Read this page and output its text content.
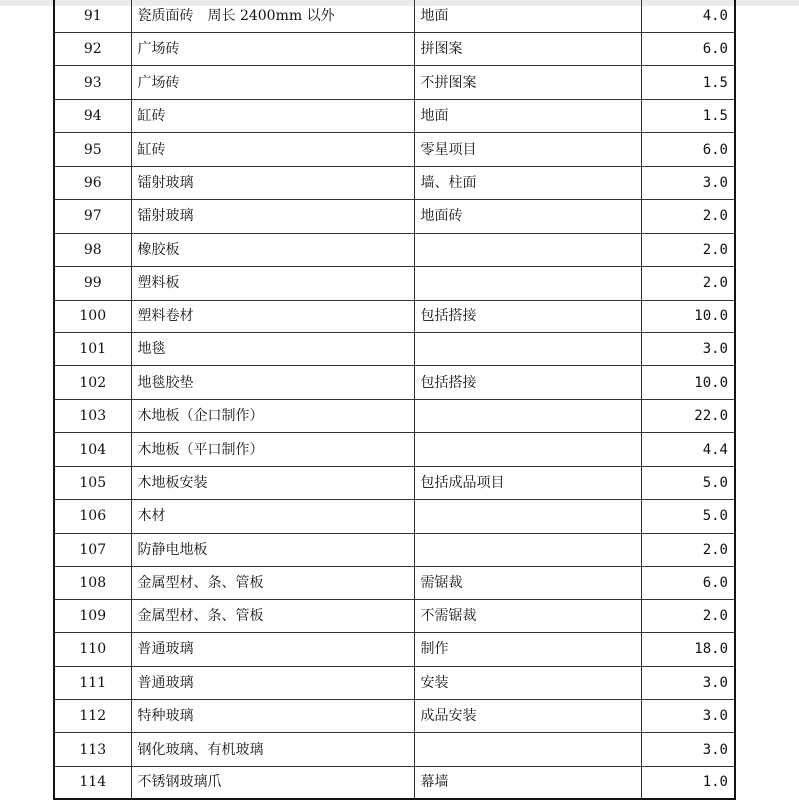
91	瓷质面砖　周长 2400mm 以外	地面	4.0
92	广场砖	拼图案	6.0
93	广场砖	不拼图案	1.5
94	缸砖	地面	1.5
95	缸砖	零星项目	6.0
96	镭射玻璃	墙、柱面	3.0
97	镭射玻璃	地面砖	2.0
98	橡胶板		2.0
99	塑料板		2.0
100	塑料卷材	包括搭接	10.0
101	地毯		3.0
102	地毯胶垫	包括搭接	10.0
103	木地板（企口制作）		22.0
104	木地板（平口制作）		4.4
105	木地板安装	包括成品项目	5.0
106	木材		5.0
107	防静电地板		2.0
108	金属型材、条、管板	需锯裁	6.0
109	金属型材、条、管板	不需锯裁	2.0
110	普通玻璃	制作	18.0
111	普通玻璃	安装	3.0
112	特种玻璃	成品安装	3.0
113	钢化玻璃、有机玻璃		3.0
114	不锈钢玻璃爪	幕墙	1.0
